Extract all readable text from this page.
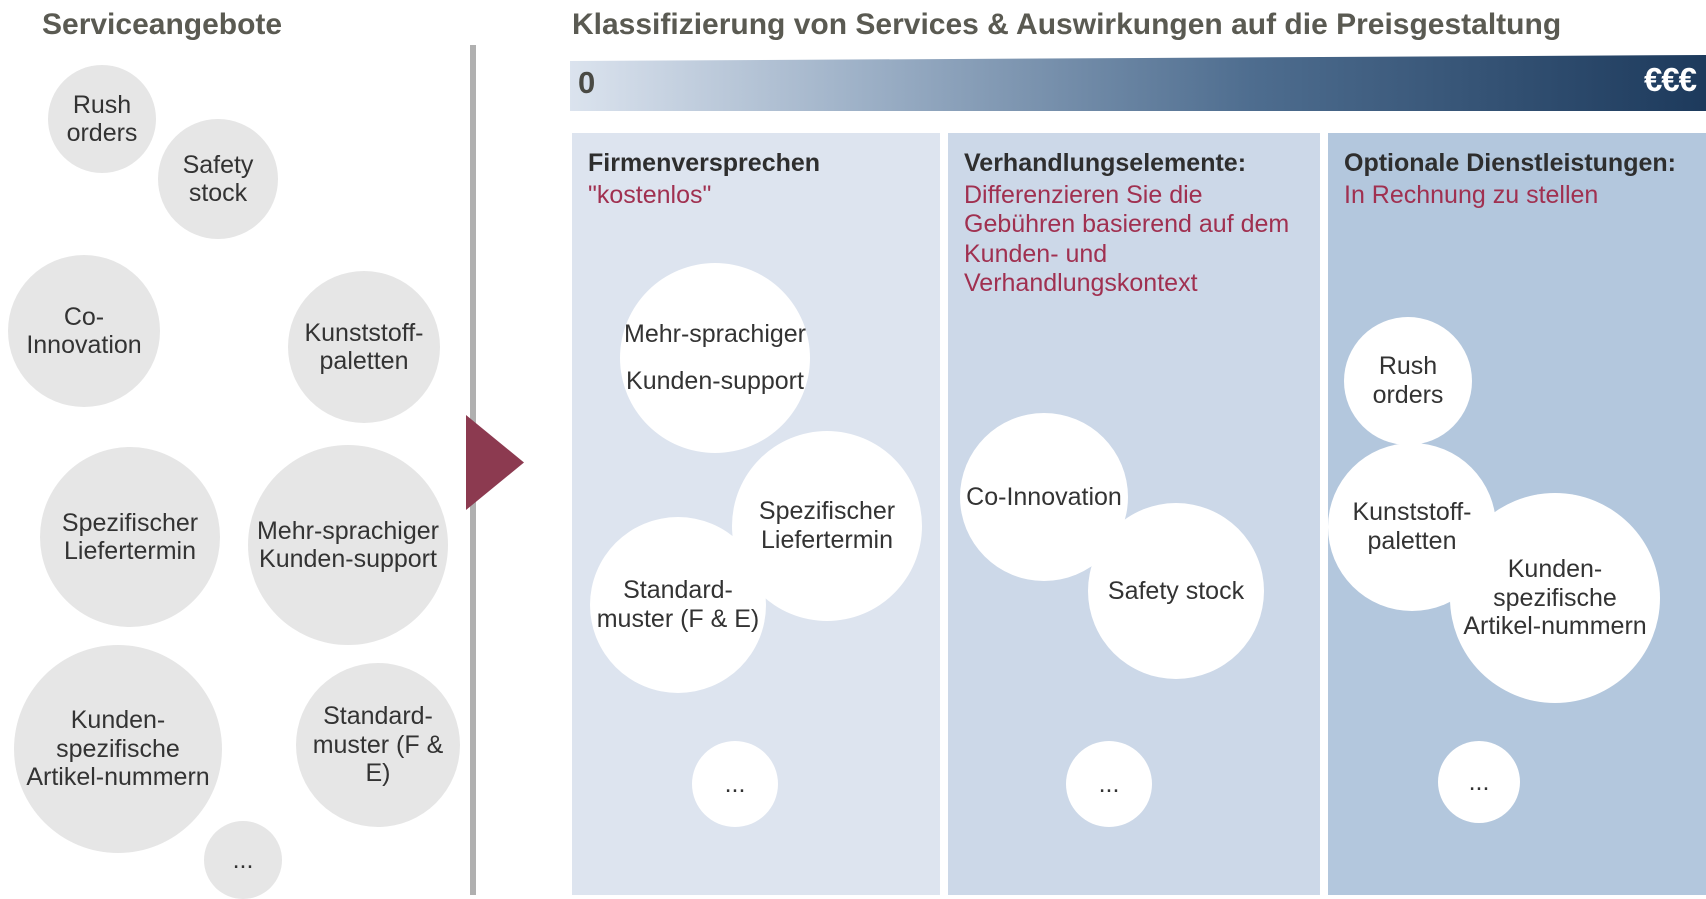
Serviceangebote	Klassifizierung von Services & Auswirkungen auf die Preisgestaltung
Rush orders
Safety stock
Co-Innovation	Kunststoff-paletten
Spezifischer Liefertermin
Mehr-sprachiger Kunden-support
Kunden-spezifische Artikel-nummern
Standard-muster (F & E)
...
0	€€€
Firmenversprechen
"kostenlos"
Mehr-sprachiger
Kunden-support
Spezifischer Liefertermin
Standard-muster (F & E)
...
Verhandlungselemente:
Differenzieren Sie die Gebühren basierend auf dem Kunden- und Verhandlungskontext
Co-Innovation
Safety stock
...
Optionale Dienstleistungen:
In Rechnung zu stellen
Rush orders
Kunststoff-paletten
Kunden-spezifische Artikel-nummern
...
